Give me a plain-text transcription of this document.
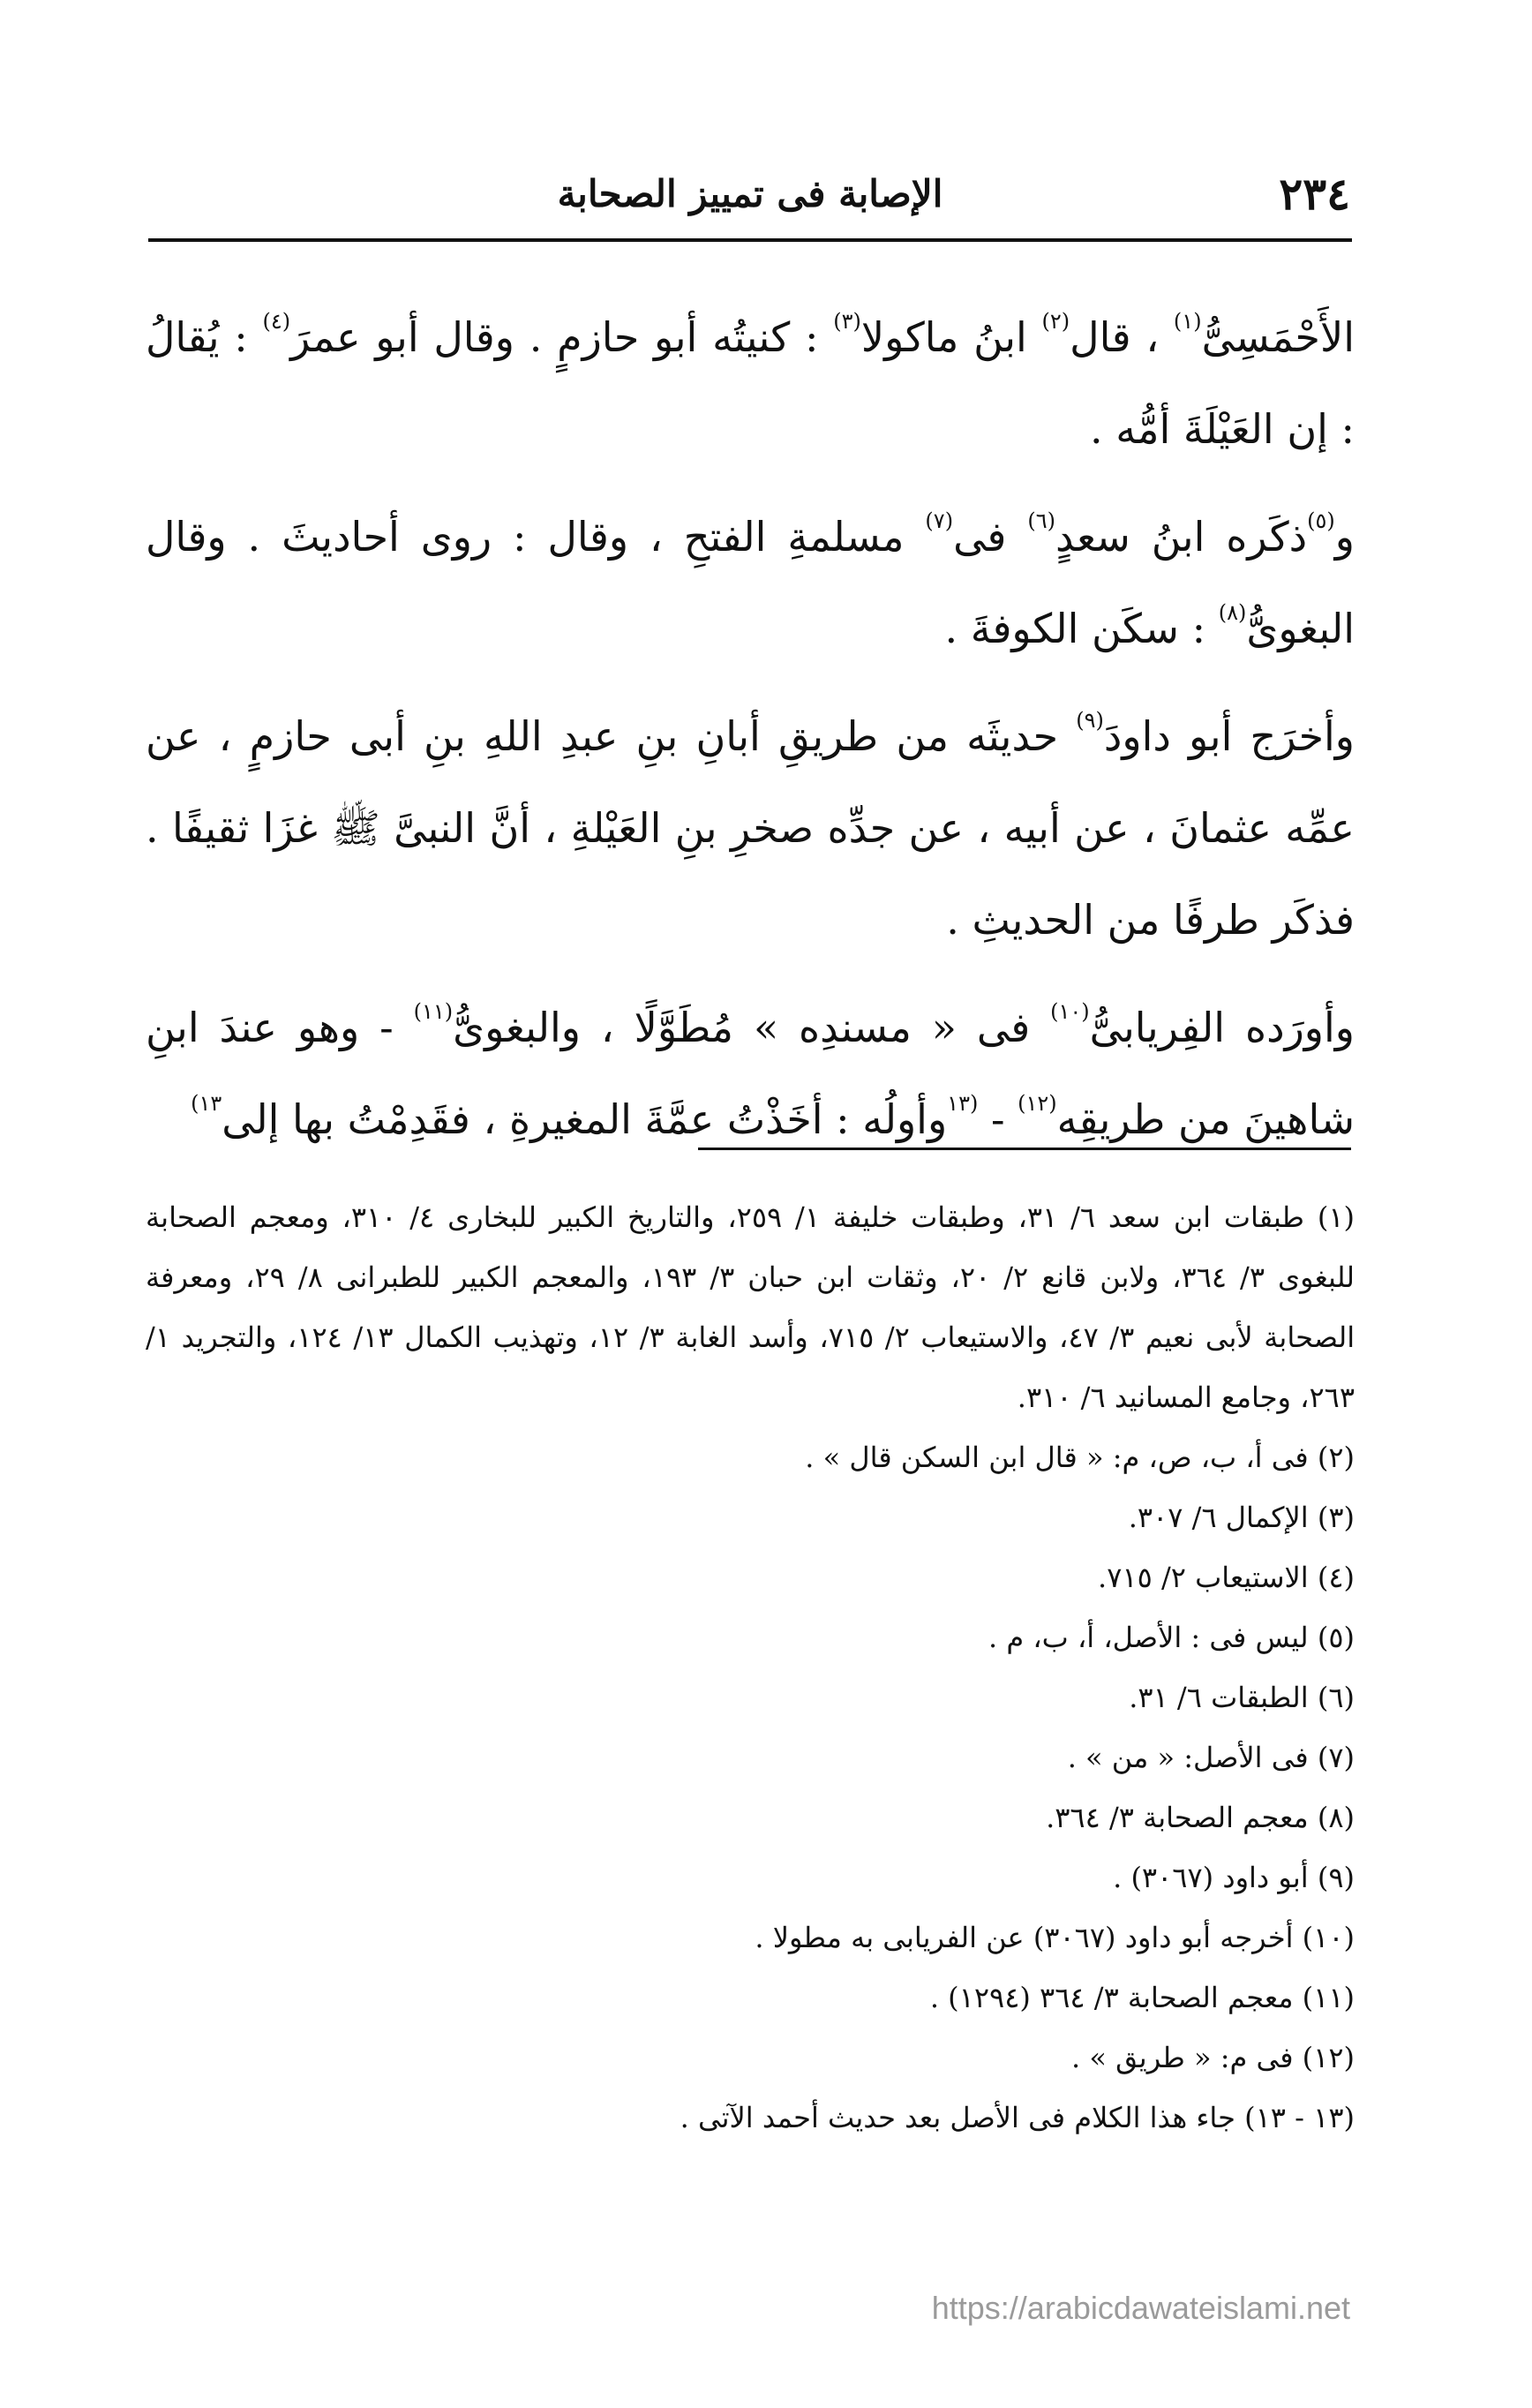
٢٣٤
الإصابة فى تمييز الصحابة

الأَحْمَسِىُّ$^{(١)}$ ، قال$^{(٢)}$ ابنُ ماكولا$^{(٣)}$ : كنيتُه أبو حازمٍ . وقال أبو عمرَ$^{(٤)}$ : يُقالُ : إن العَيْلَةَ أمُّه .

و$^{(٥)}$ذكَره ابنُ سعدٍ$^{(٦)}$ فى$^{(٧)}$ مسلمةِ الفتحِ ، وقال : روى أحاديثَ . وقال البغوىُّ$^{(٨)}$ : سكَن الكوفةَ .

وأخرَج أبو داودَ$^{(٩)}$ حديثَه من طريقِ أبانِ بنِ عبدِ اللهِ بنِ أبى حازمٍ ، عن عمِّه عثمانَ ، عن أبيه ، عن جدِّه صخرِ بنِ العَيْلةِ ، أنَّ النبىَّ ﷺ غزَا ثقيفًا . فذكَر طرفًا من الحديثِ .

وأورَده الفِريابىُّ$^{(١٠)}$ فى « مسندِه » مُطَوَّلًا ، والبغوىُّ$^{(١١)}$ - وهو عندَ ابنِ شاهينَ من طريقِه$^{(١٢)}$ - $^{(١٣}$وأولُه : أخَذْتُ عمَّةَ المغيرةِ ، فقَدِمْتُ بها إلى$^{١٣)}$

(١) طبقات ابن سعد ٦/ ٣١، وطبقات خليفة ١/ ٢٥٩، والتاريخ الكبير للبخارى ٤/ ٣١٠، ومعجم الصحابة للبغوى ٣/ ٣٦٤، ولابن قانع ٢/ ٢٠، وثقات ابن حبان ٣/ ١٩٣، والمعجم الكبير للطبرانى ٨/ ٢٩، ومعرفة الصحابة لأبى نعيم ٣/ ٤٧، والاستيعاب ٢/ ٧١٥، وأسد الغابة ٣/ ١٢، وتهذيب الكمال ١٣/ ١٢٤، والتجريد ١/ ٢٦٣، وجامع المسانيد ٦/ ٣١٠.

(٢) فى أ، ب، ص، م: « قال ابن السكن قال » .

(٣) الإكمال ٦/ ٣٠٧.

(٤) الاستيعاب ٢/ ٧١٥.

(٥) ليس فى : الأصل، أ، ب، م .

(٦) الطبقات ٦/ ٣١.

(٧) فى الأصل: « من » .

(٨) معجم الصحابة ٣/ ٣٦٤.

(٩) أبو داود (٣٠٦٧) .

(١٠) أخرجه أبو داود (٣٠٦٧) عن الفريابى به مطولا .

(١١) معجم الصحابة ٣/ ٣٦٤ (١٢٩٤) .

(١٢) فى م: « طريق » .

(١٣ - ١٣) جاء هذا الكلام فى الأصل بعد حديث أحمد الآتى .

https://arabicdawateislami.net
